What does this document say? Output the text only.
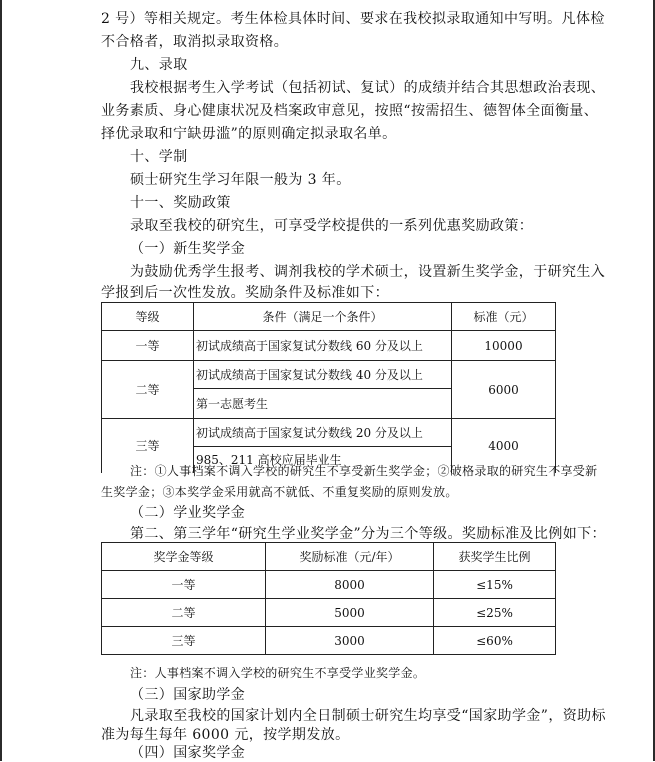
2 号）等相关规定。考生体检具体时间、要求在我校拟录取通知中写明。凡体检
不合格者，取消拟录取资格。
九、录取
我校根据考生入学考试（包括初试、复试）的成绩并结合其思想政治表现、
业务素质、身心健康状况及档案政审意见，按照“按需招生、德智体全面衡量、
择优录取和宁缺毋滥”的原则确定拟录取名单。
十、学制
硕士研究生学习年限一般为 3 年。
十一、奖励政策
录取至我校的研究生，可享受学校提供的一系列优惠奖励政策：
（一）新生奖学金
为鼓励优秀学生报考、调剂我校的学术硕士，设置新生奖学金，于研究生入
学报到后一次性发放。奖励条件及标准如下：
等级	条件（满足一个条件）	标准（元）
一等	初试成绩高于国家复试分数线 60 分及以上	10000
二等	初试成绩高于国家复试分数线 40 分及以上	6000
	第一志愿考生	
三等	初试成绩高于国家复试分数线 20 分及以上	4000
	985、211 高校应届毕业生	
注：①人事档案不调入学校的研究生不享受新生奖学金；②破格录取的研究生不享受新
生奖学金；③本奖学金采用就高不就低、不重复奖励的原则发放。
（二）学业奖学金
第二、第三学年“研究生学业奖学金”分为三个等级。奖励标准及比例如下：
奖学金等级	奖励标准（元/年）	获奖学生比例
一等	8000	≤15%
二等	5000	≤25%
三等	3000	≤60%
注：人事档案不调入学校的研究生不享受学业奖学金。
（三）国家助学金
凡录取至我校的国家计划内全日制硕士研究生均享受“国家助学金”，资助标
准为每生每年 6000 元，按学期发放。
（四）国家奖学金
